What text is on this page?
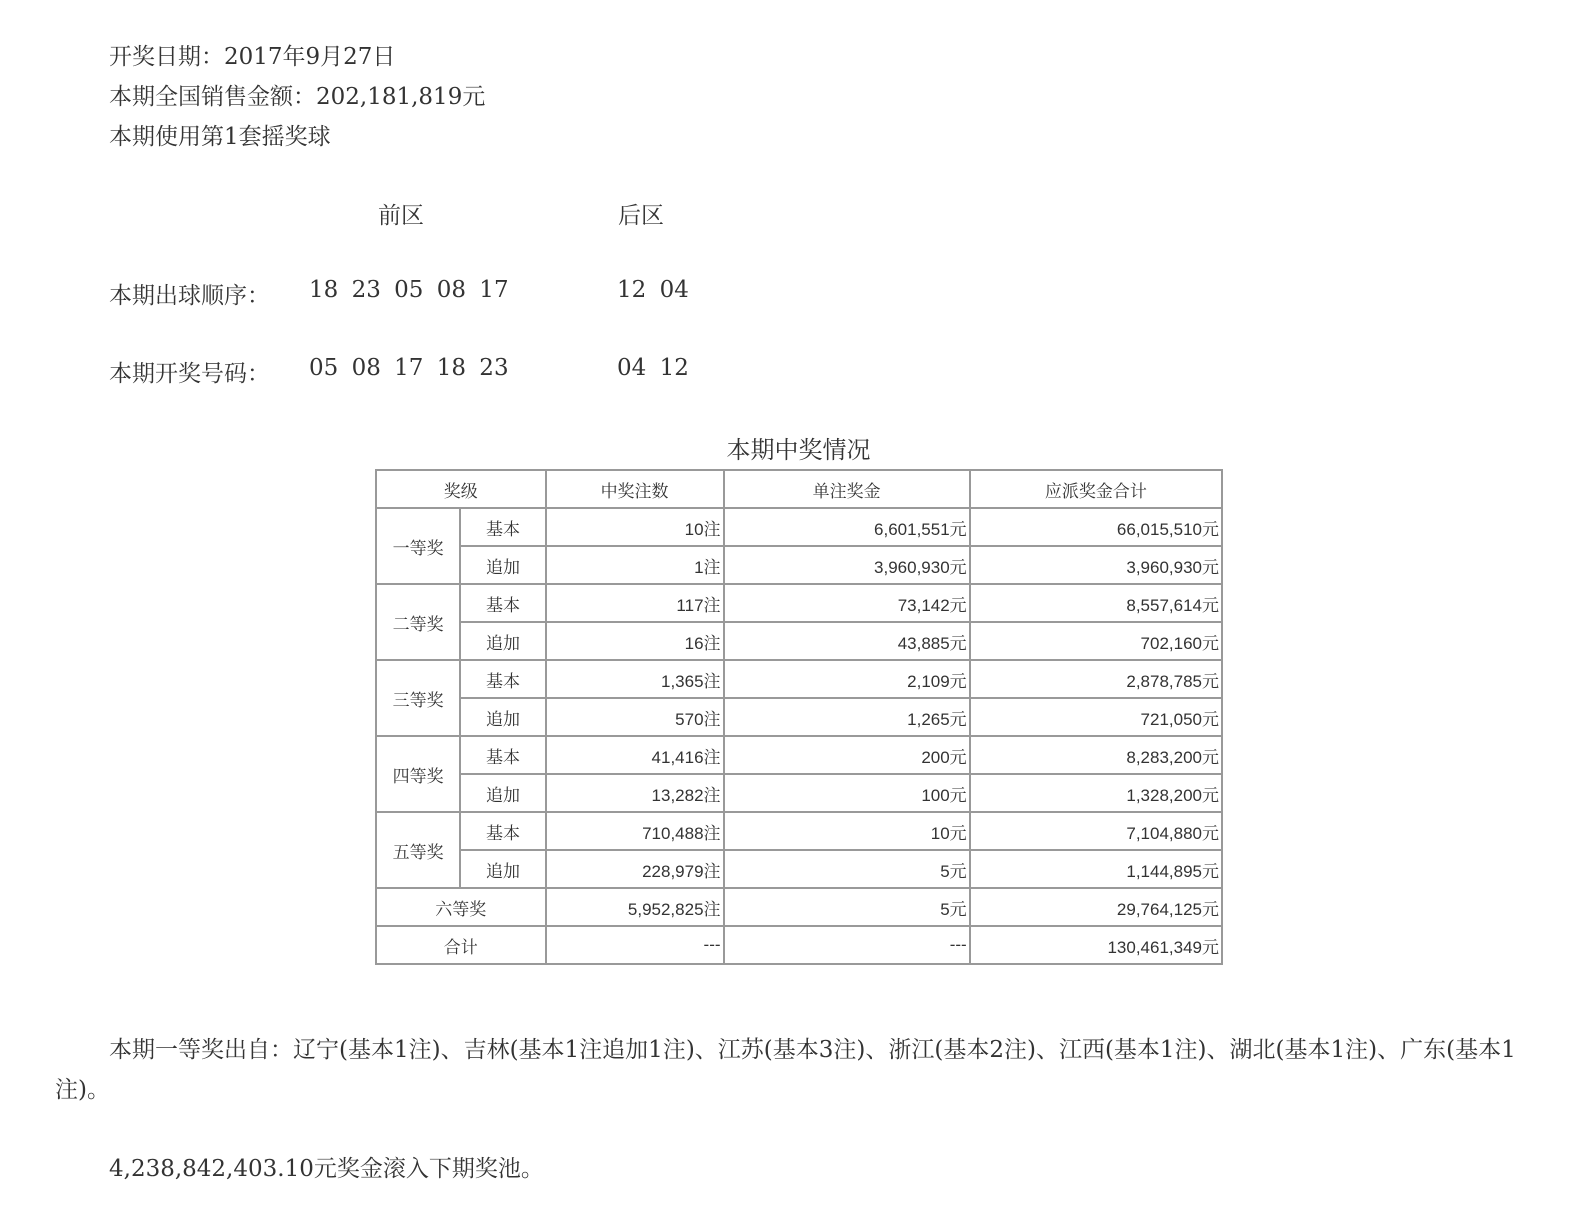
开奖日期：2017年9月27日
本期全国销售金额：202,181,819元
本期使用第1套摇奖球
前区	后区
本期出球顺序： 18 23 05 08 17	12 04
本期开奖号码： 05 08 17 18 23	04 12
本期中奖情况
奖级		中奖注数	单注奖金	应派奖金合计
一等奖	基本	10注	6,601,551元	66,015,510元
	追加	1注	3,960,930元	3,960,930元
二等奖	基本	117注	73,142元	8,557,614元
	追加	16注	43,885元	702,160元
三等奖	基本	1,365注	2,109元	2,878,785元
	追加	570注	1,265元	721,050元
四等奖	基本	41,416注	200元	8,283,200元
	追加	13,282注	100元	1,328,200元
五等奖	基本	710,488注	10元	7,104,880元
	追加	228,979注	5元	1,144,895元
六等奖		5,952,825注	5元	29,764,125元
合计		---	---	130,461,349元
本期一等奖出自：辽宁(基本1注)、吉林(基本1注追加1注)、江苏(基本3注)、浙江(基本2注)、江西(基本1注)、湖北(基本1注)、广东(基本1注)。
4,238,842,403.10元奖金滚入下期奖池。
